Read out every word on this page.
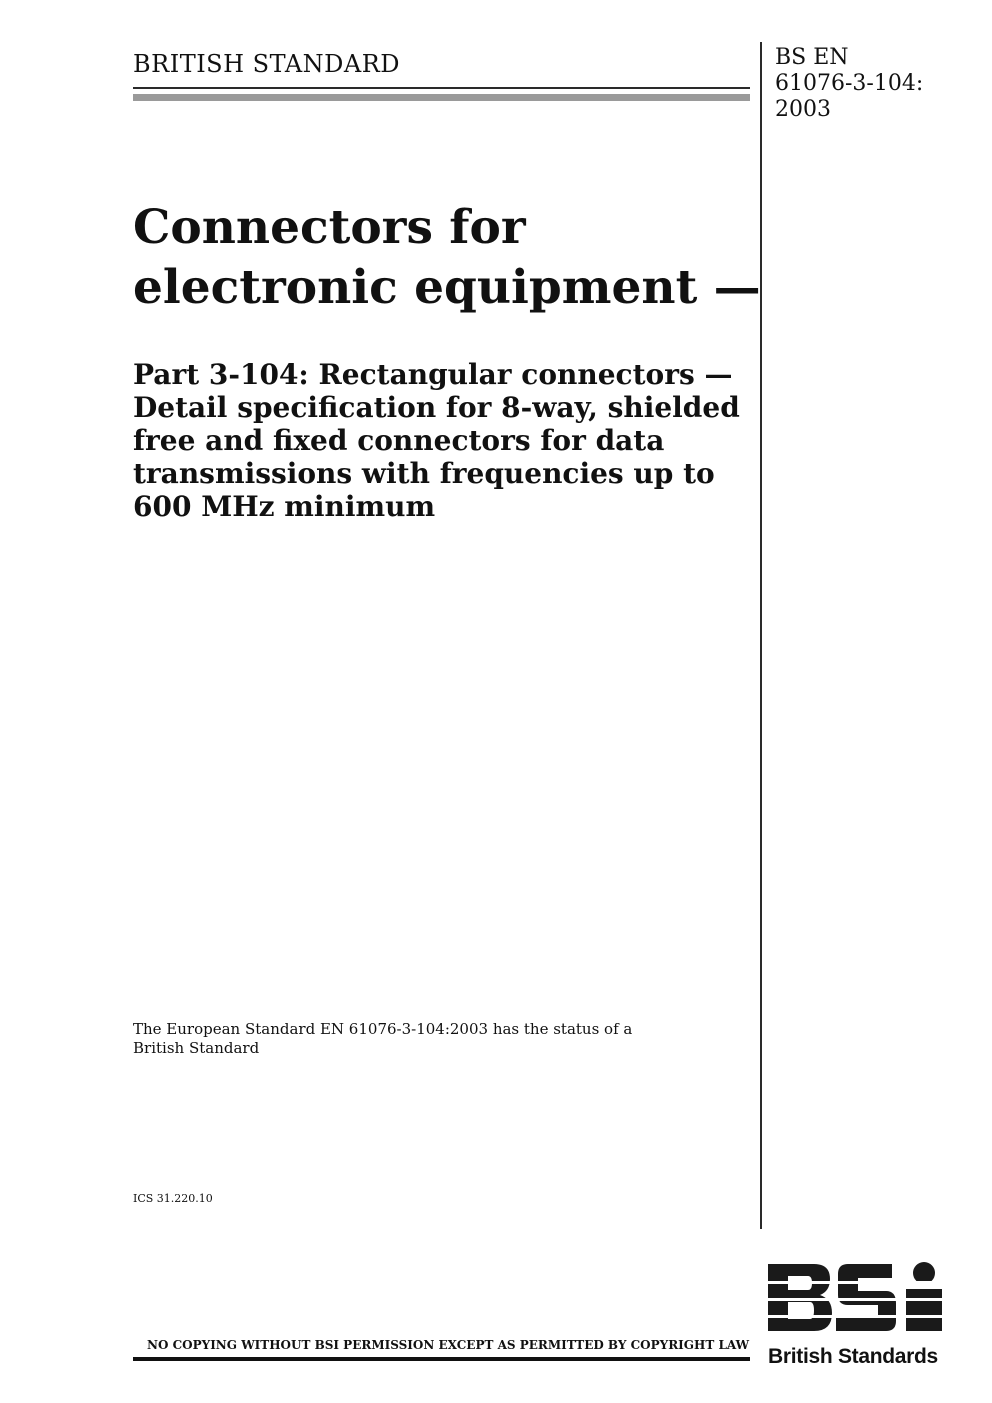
BRITISH STANDARD	BS EN
61076-3-104:
2003
Connectors for
electronic equipment —
Part 3-104: Rectangular connectors —
Detail specification for 8-way, shielded
free and fixed connectors for data
transmissions with frequencies up to
600 MHz minimum
The European Standard EN 61076-3-104:2003 has the status of a
British Standard
ICS 31.220.10
NO COPYING WITHOUT BSI PERMISSION EXCEPT AS PERMITTED BY COPYRIGHT LAW British Standards
